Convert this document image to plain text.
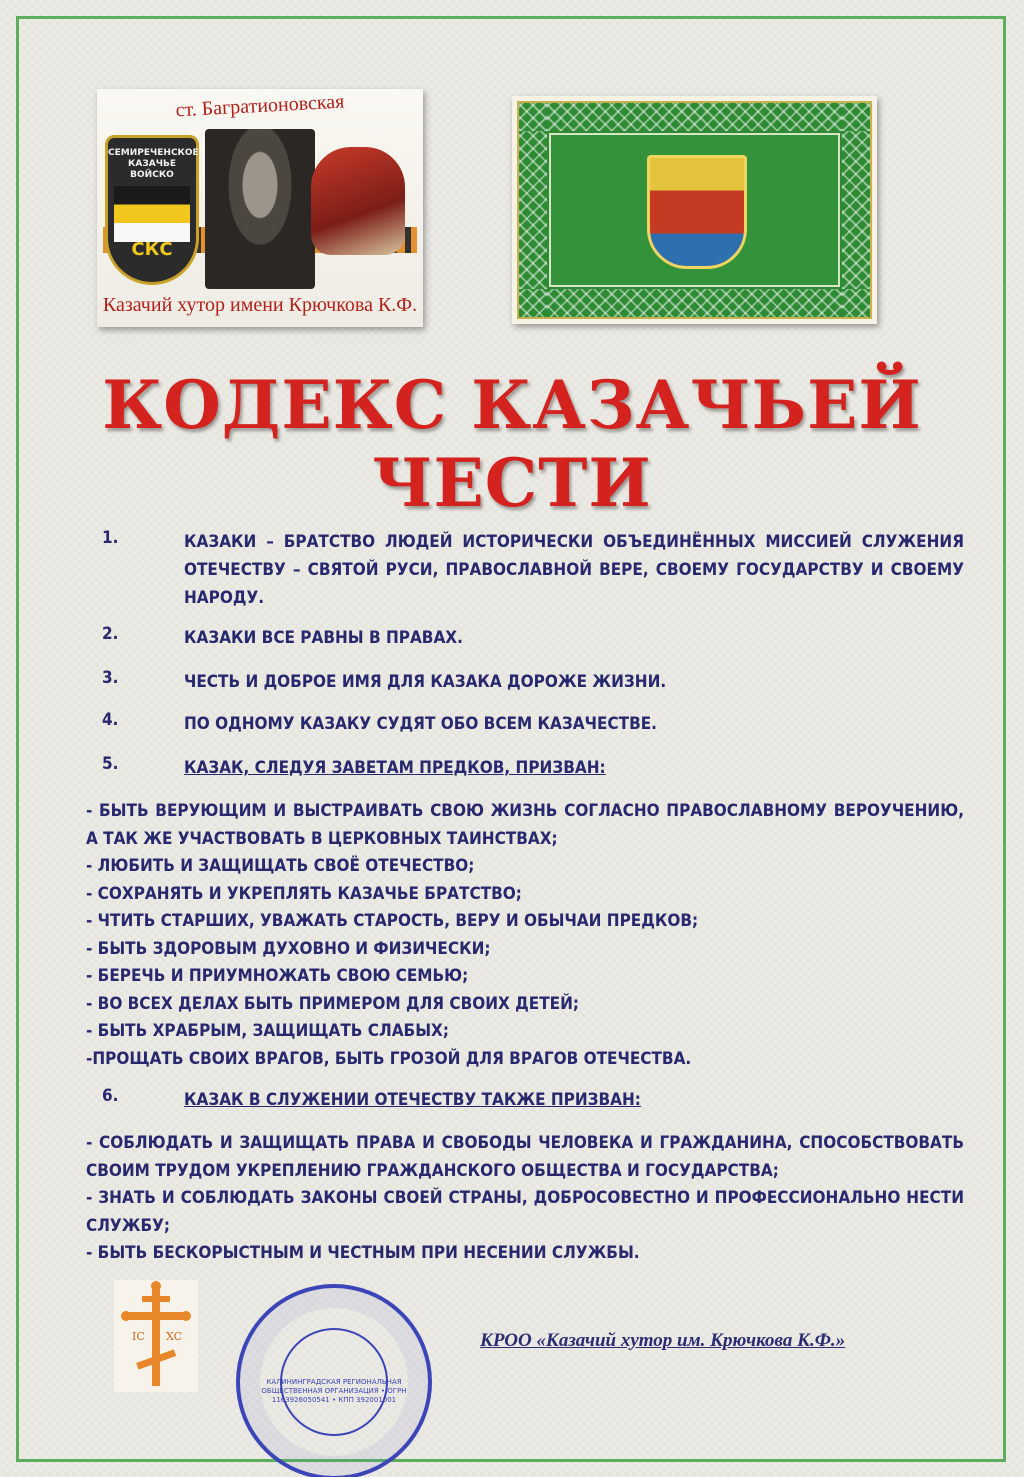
ст. Багратионовская
СЕМИРЕЧЕНСКОЕ КАЗАЧЬЕ ВОЙСКО
СКС
Казачий хутор имени Крючкова К.Ф.
КОДЕКС КАЗАЧЬЕЙ
ЧЕСТИ
1.	КАЗАКИ – БРАТСТВО ЛЮДЕЙ ИСТОРИЧЕСКИ ОБЪЕДИНЁННЫХ МИССИЕЙ СЛУЖЕНИЯ ОТЕЧЕСТВУ – СВЯТОЙ РУСИ, ПРАВОСЛАВНОЙ ВЕРЕ, СВОЕМУ ГОСУДАРСТВУ И СВОЕМУ НАРОДУ.
2.	КАЗАКИ ВСЕ РАВНЫ В ПРАВАХ.
3.	ЧЕСТЬ И ДОБРОЕ ИМЯ ДЛЯ КАЗАКА ДОРОЖЕ ЖИЗНИ.
4.	ПО ОДНОМУ КАЗАКУ СУДЯТ ОБО ВСЕМ КАЗАЧЕСТВЕ.
5.	КАЗАК, СЛЕДУЯ ЗАВЕТАМ ПРЕДКОВ, ПРИЗВАН:
- БЫТЬ ВЕРУЮЩИМ И ВЫСТРАИВАТЬ СВОЮ ЖИЗНЬ СОГЛАСНО ПРАВОСЛАВНОМУ ВЕРОУЧЕНИЮ, А ТАК ЖЕ УЧАСТВОВАТЬ В ЦЕРКОВНЫХ ТАИНСТВАХ;
- ЛЮБИТЬ И ЗАЩИЩАТЬ СВОЁ ОТЕЧЕСТВО;
- СОХРАНЯТЬ И УКРЕПЛЯТЬ КАЗАЧЬЕ БРАТСТВО;
- ЧТИТЬ СТАРШИХ, УВАЖАТЬ СТАРОСТЬ, ВЕРУ И ОБЫЧАИ ПРЕДКОВ;
- БЫТЬ ЗДОРОВЫМ ДУХОВНО И ФИЗИЧЕСКИ;
- БЕРЕЧЬ И ПРИУМНОЖАТЬ СВОЮ СЕМЬЮ;
- ВО ВСЕХ ДЕЛАХ БЫТЬ ПРИМЕРОМ ДЛЯ СВОИХ ДЕТЕЙ;
- БЫТЬ ХРАБРЫМ, ЗАЩИЩАТЬ СЛАБЫХ;
-ПРОЩАТЬ СВОИХ ВРАГОВ, БЫТЬ ГРОЗОЙ ДЛЯ ВРАГОВ ОТЕЧЕСТВА.
6.	КАЗАК В СЛУЖЕНИИ ОТЕЧЕСТВУ ТАКЖЕ ПРИЗВАН:
- СОБЛЮДАТЬ И ЗАЩИЩАТЬ ПРАВА И СВОБОДЫ ЧЕЛОВЕКА И ГРАЖДАНИНА, СПОСОБСТВОВАТЬ СВОИМ ТРУДОМ УКРЕПЛЕНИЮ ГРАЖДАНСКОГО ОБЩЕСТВА И ГОСУДАРСТВА;
- ЗНАТЬ И СОБЛЮДАТЬ ЗАКОНЫ СВОЕЙ СТРАНЫ, ДОБРОСОВЕСТНО И ПРОФЕССИОНАЛЬНО НЕСТИ СЛУЖБУ;
- БЫТЬ БЕСКОРЫСТНЫМ И ЧЕСТНЫМ ПРИ НЕСЕНИИ СЛУЖБЫ.
IC XC
КАЛИНИНГРАДСКАЯ РЕГИОНАЛЬНАЯ ОБЩЕСТВЕННАЯ ОРГАНИЗАЦИЯ • ОГРН 1163926050541 • КПП 392001001
КРОО «Казачий хутор им. Крючкова К.Ф.»
